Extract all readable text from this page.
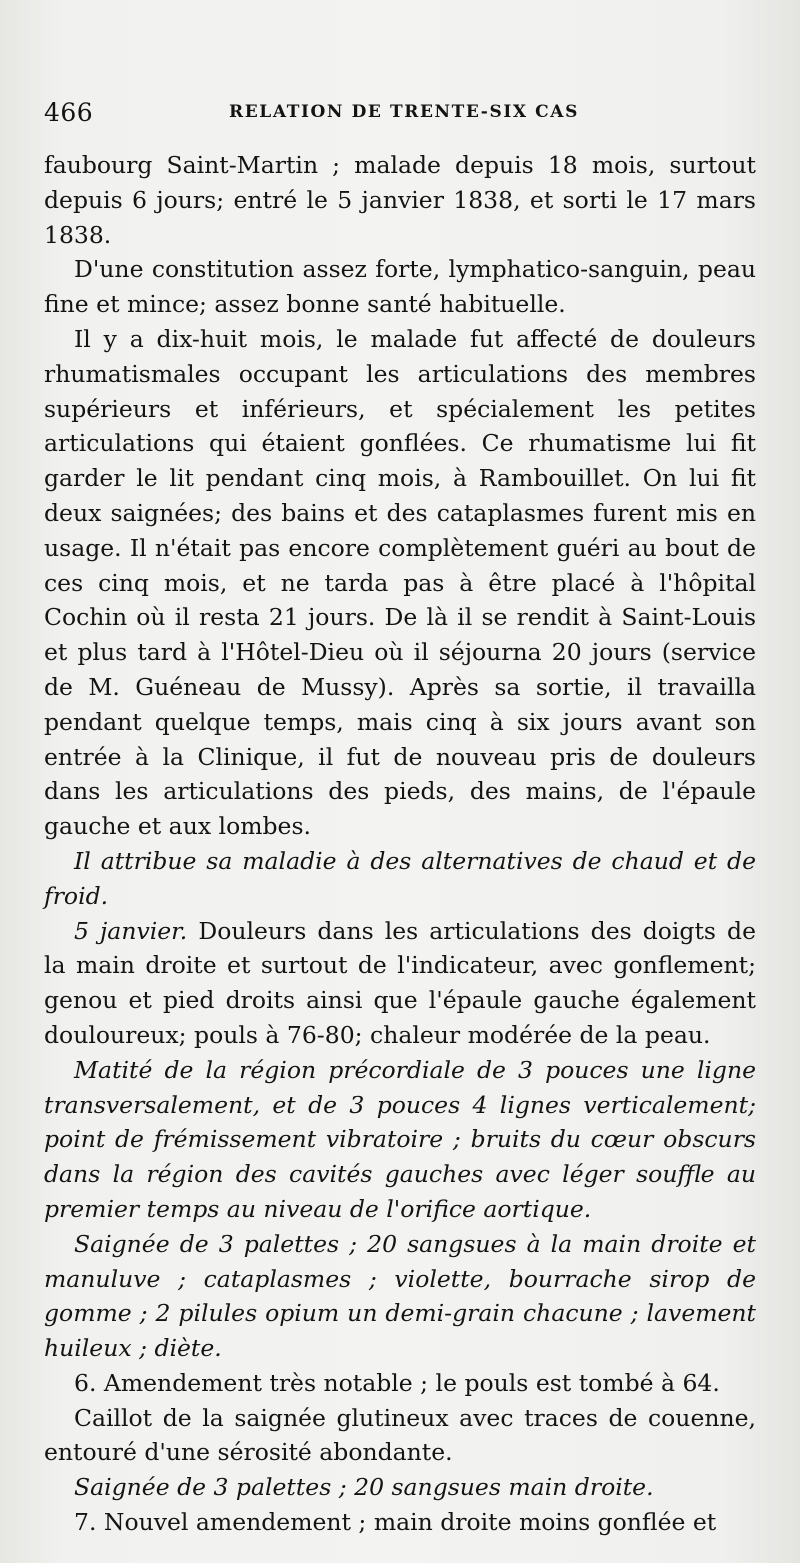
466	RELATION DE TRENTE-SIX CAS

faubourg Saint-Martin ; malade depuis 18 mois, surtout depuis 6 jours; entré le 5 janvier 1838, et sorti le 17 mars 1838.

D'une constitution assez forte, lymphatico-sanguin, peau fine et mince; assez bonne santé habituelle.

Il y a dix-huit mois, le malade fut affecté de douleurs rhumatismales occupant les articulations des membres supérieurs et inférieurs, et spécialement les petites articulations qui étaient gonflées. Ce rhumatisme lui fit garder le lit pendant cinq mois, à Rambouillet. On lui fit deux saignées; des bains et des cataplasmes furent mis en usage. Il n'était pas encore complètement guéri au bout de ces cinq mois, et ne tarda pas à être placé à l'hôpital Cochin où il resta 21 jours. De là il se rendit à Saint-Louis et plus tard à l'Hôtel-Dieu où il séjourna 20 jours (service de M. Guéneau de Mussy). Après sa sortie, il travailla pendant quelque temps, mais cinq à six jours avant son entrée à la Clinique, il fut de nouveau pris de douleurs dans les articulations des pieds, des mains, de l'épaule gauche et aux lombes.

Il attribue sa maladie à des alternatives de chaud et de froid.

5 janvier. Douleurs dans les articulations des doigts de la main droite et surtout de l'indicateur, avec gonflement; genou et pied droits ainsi que l'épaule gauche également douloureux; pouls à 76-80; chaleur modérée de la peau.

Matité de la région précordiale de 3 pouces une ligne transversalement, et de 3 pouces 4 lignes verticalement; point de frémissement vibratoire ; bruits du cœur obscurs dans la région des cavités gauches avec léger souffle au premier temps au niveau de l'orifice aortique.

Saignée de 3 palettes ; 20 sangsues à la main droite et manuluve ; cataplasmes ; violette, bourrache sirop de gomme ; 2 pilules opium un demi-grain chacune ; lavement huileux ; diète.

6. Amendement très notable ; le pouls est tombé à 64.

Caillot de la saignée glutineux avec traces de couenne, entouré d'une sérosité abondante.

Saignée de 3 palettes ; 20 sangsues main droite.

7. Nouvel amendement ; main droite moins gonflée et
